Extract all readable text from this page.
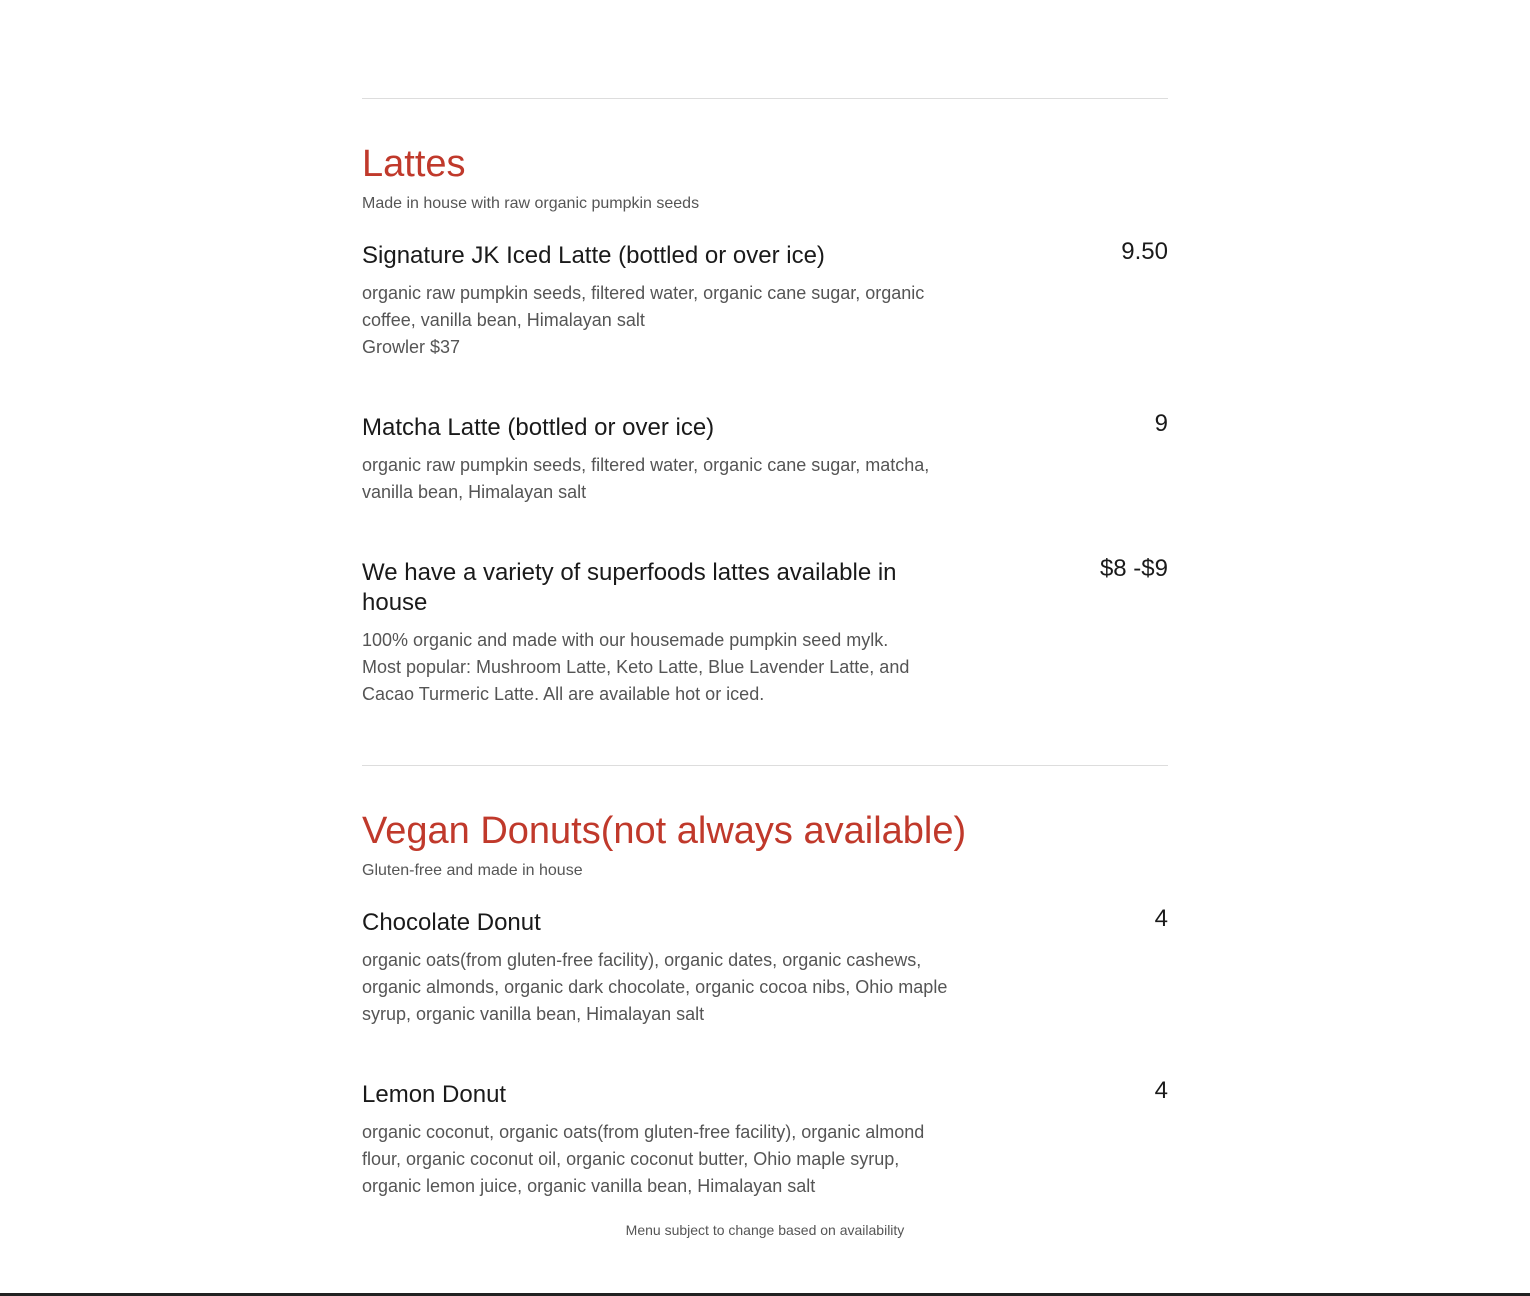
Lattes
Made in house with raw organic pumpkin seeds
Signature JK Iced Latte (bottled or over ice)
organic raw pumpkin seeds, filtered water, organic cane sugar, organic coffee, vanilla bean, Himalayan salt
Growler $37
9.50
Matcha Latte (bottled or over ice)
organic raw pumpkin seeds, filtered water, organic cane sugar, matcha, vanilla bean, Himalayan salt
9
We have a variety of superfoods lattes available in house
100% organic and made with our housemade pumpkin seed mylk. Most popular: Mushroom Latte, Keto Latte, Blue Lavender Latte, and Cacao Turmeric Latte. All are available hot or iced.
$8 -$9
Vegan Donuts(not always available)
Gluten-free and made in house
Chocolate Donut
organic oats(from gluten-free facility), organic dates, organic cashews, organic almonds, organic dark chocolate, organic cocoa nibs, Ohio maple syrup, organic vanilla bean, Himalayan salt
4
Lemon Donut
organic coconut, organic oats(from gluten-free facility), organic almond flour, organic coconut oil, organic coconut butter, Ohio maple syrup, organic lemon juice, organic vanilla bean, Himalayan salt
4
Menu subject to change based on availability
